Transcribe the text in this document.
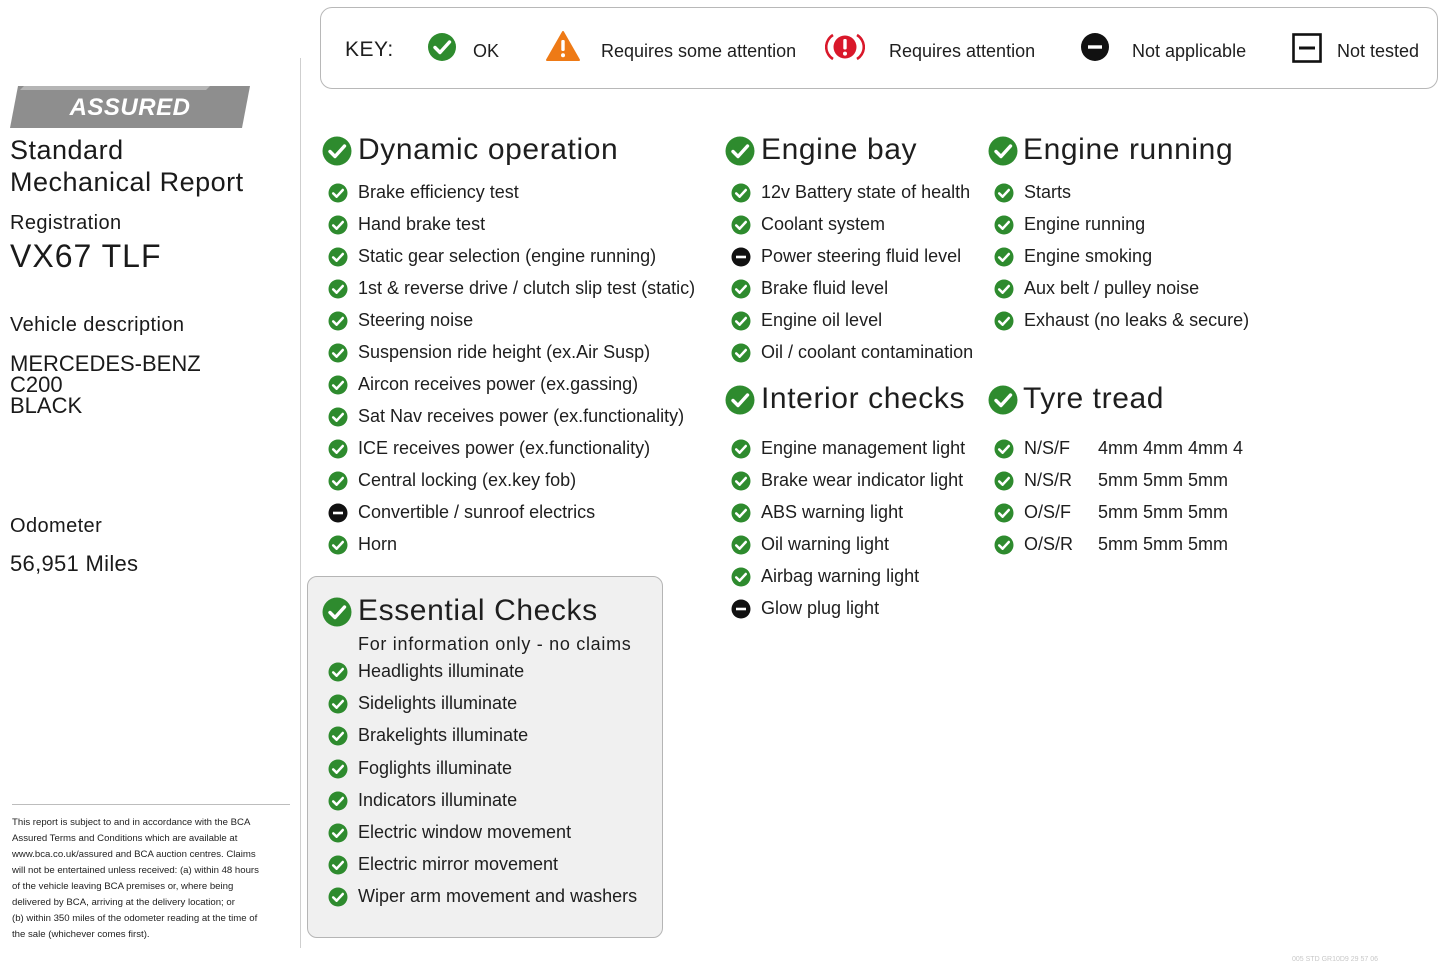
ASSURED
Standard
Mechanical Report
Registration
VX67 TLF
Vehicle description
MERCEDES-BENZ
C200
BLACK
Odometer
56,951 Miles
This report is subject to and in accordance with the BCA
Assured Terms and Conditions which are available at
www.bca.co.uk/assured and BCA auction centres. Claims
will not be entertained unless received: (a) within 48 hours
of the vehicle leaving BCA premises or, where being
delivered by BCA, arriving at the delivery location; or
(b) within 350 miles of the odometer reading at the time of
the sale (whichever comes first).
KEY:	OK	Requires some attention	Requires attention	Not applicable	Not tested
Dynamic operation	Engine bay	Engine running
Interior checks Tyre tread
Essential Checks
For information only - no claims
Brake efficiency test
Hand brake test
Static gear selection (engine running)
1st & reverse drive / clutch slip test (static)
Steering noise
Suspension ride height (ex.Air Susp)
Aircon receives power (ex.gassing)
Sat Nav receives power (ex.functionality)
ICE receives power (ex.functionality)
Central locking (ex.key fob)
Convertible / sunroof electrics
Horn
12v Battery state of health
Coolant system
Power steering fluid level
Brake fluid level
Engine oil level
Oil / coolant contamination
Starts
Engine running
Engine smoking
Aux belt / pulley noise
Exhaust (no leaks & secure)
Engine management light
Brake wear indicator light
ABS warning light
Oil warning light
Airbag warning light
Glow plug light
N/S/F 4mm 4mm 4mm 4
N/S/R 5mm 5mm 5mm
O/S/F 5mm 5mm 5mm
O/S/R 5mm 5mm 5mm
Headlights illuminate
Sidelights illuminate
Brakelights illuminate
Foglights illuminate
Indicators illuminate
Electric window movement
Electric mirror movement
Wiper arm movement and washers
005 STD GR10D9 29 57 06
